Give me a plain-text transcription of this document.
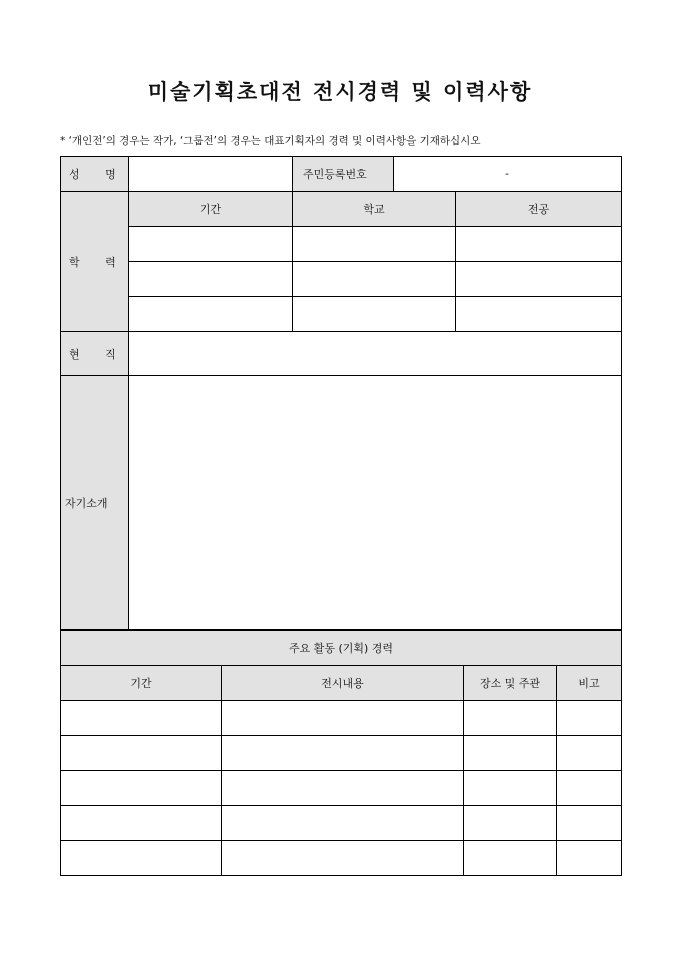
미술기획초대전 전시경력 및 이력사항
* ‘개인전’의 경우는 작가, ‘그룹전’의 경우는 대표기획자의 경력 및 이력사항을 기재하십시오
성 명		주민등록번호	-	

학 력	기간	학교		전공

현 직				
자기소개				
주요 활동 (기획) 경력			
기간	전시내용	장소 및 주관	비고
